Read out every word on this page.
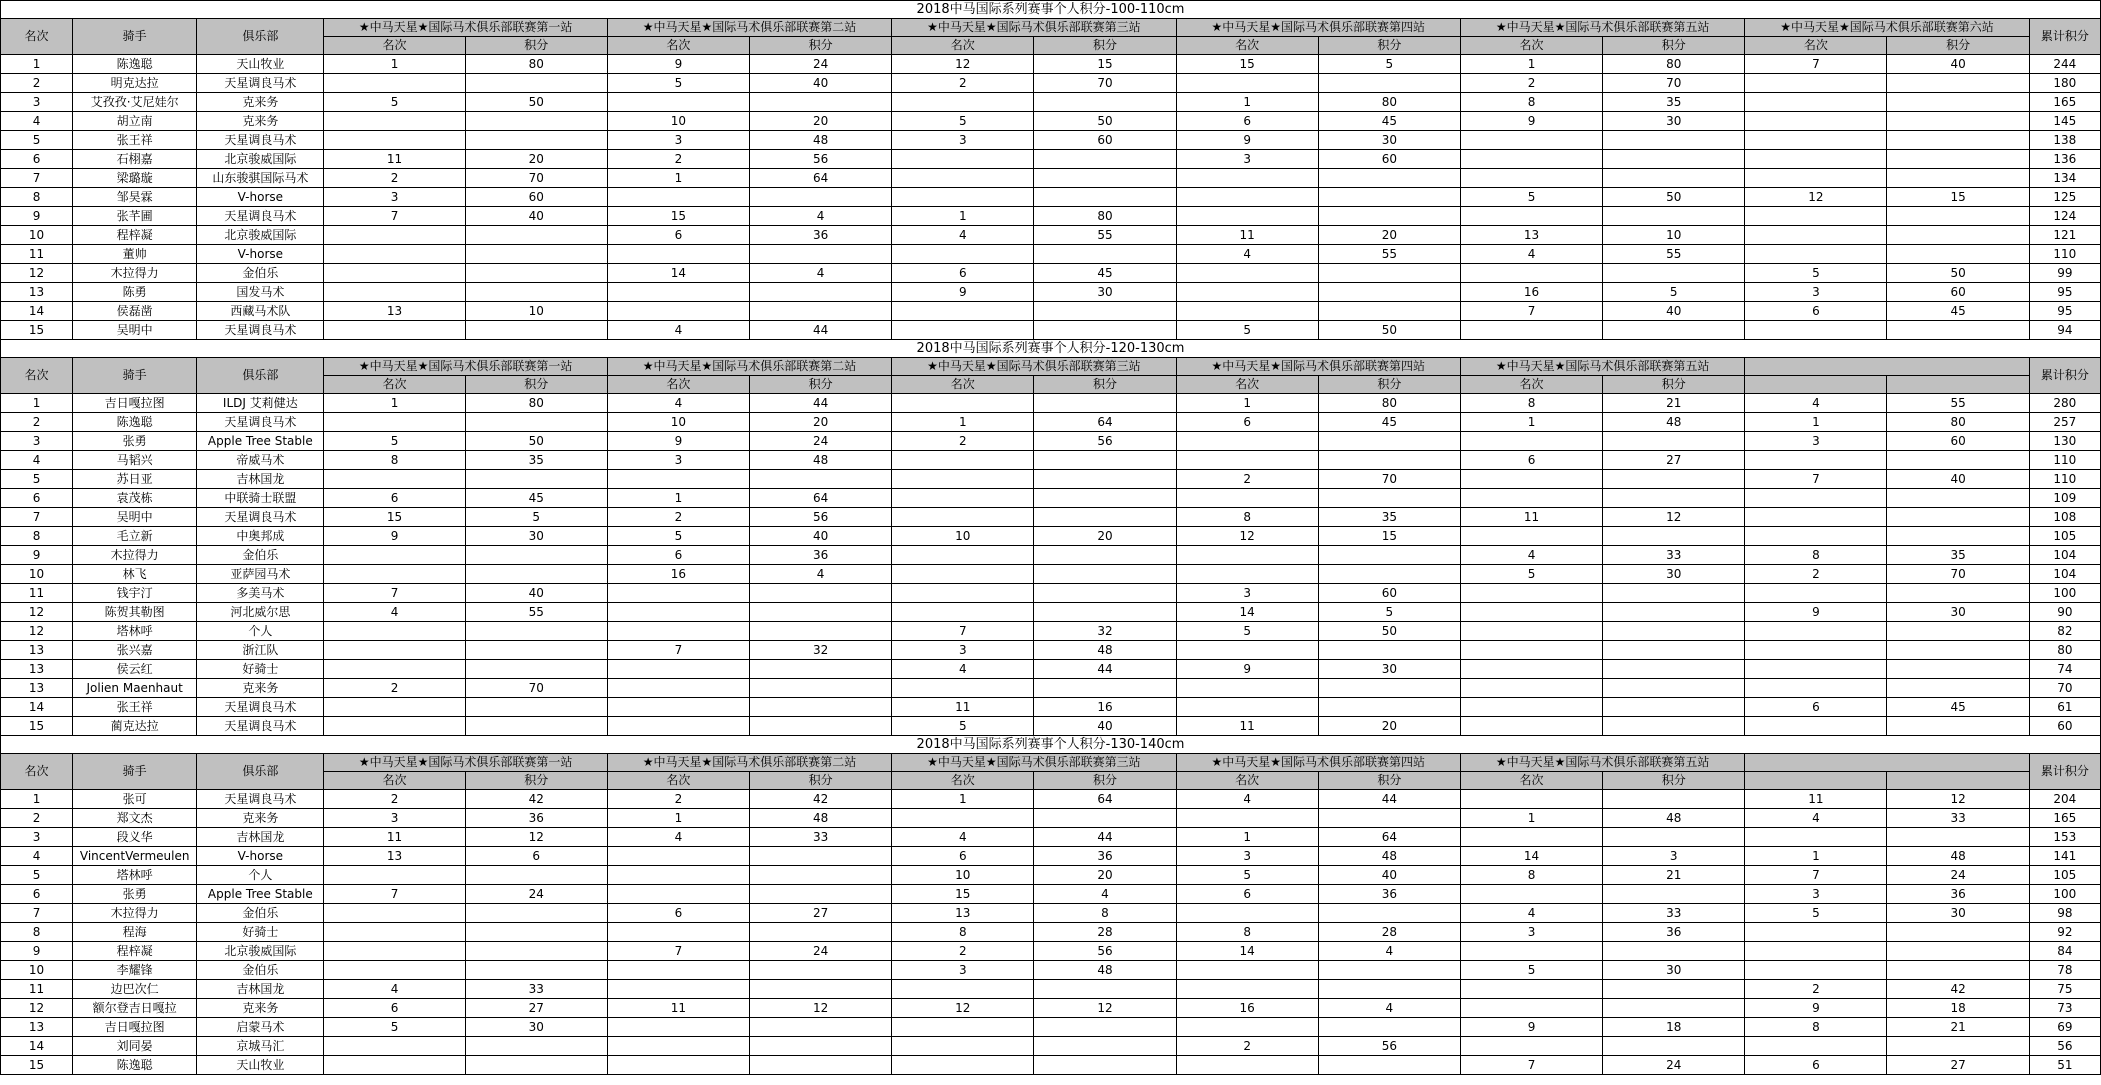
2018中马国际系列赛事个人积分-100-110cm															
名次	骑手	俱乐部	★中马天星★国际马术俱乐部联赛第一站		★中马天星★国际马术俱乐部联赛第二站		★中马天星★国际马术俱乐部联赛第三站		★中马天星★国际马术俱乐部联赛第四站		★中马天星★国际马术俱乐部联赛第五站		★中马天星★国际马术俱乐部联赛第六站		累计积分
			名次	积分	名次	积分	名次	积分	名次	积分	名次	积分	名次	积分	
1	陈逸聪	天山牧业	1	80	9	24	12	15	15	5	1	80	7	40	244
2	明克达拉	天星调良马术			5	40	2	70			2	70			180
3	艾孜孜·艾尼娃尔	克来务	5	50					1	80	8	35			165
4	胡立南	克来务			10	20	5	50	6	45	9	30			145
5	张王祥	天星调良马术			3	48	3	60	9	30					138
6	石栩嘉	北京骏威国际	11	20	2	56			3	60					136
7	梁璐璇	山东骏骐国际马术	2	70	1	64									134
8	邹昊霖	V-horse	3	60							5	50	12	15	125
9	张芊圃	天星调良马术	7	40	15	4	1	80							124
10	程梓凝	北京骏威国际			6	36	4	55	11	20	13	10			121
11	董帅	V-horse							4	55	4	55			110
12	木拉得力	金伯乐			14	4	6	45					5	50	99
13	陈勇	国发马术					9	30			16	5	3	60	95
14	侯磊凿	西藏马术队	13	10							7	40	6	45	95
15	吴明中	天星调良马术			4	44			5	50					94
2018中马国际系列赛事个人积分-120-130cm															
名次	骑手	俱乐部	★中马天星★国际马术俱乐部联赛第一站		★中马天星★国际马术俱乐部联赛第二站		★中马天星★国际马术俱乐部联赛第三站		★中马天星★国际马术俱乐部联赛第四站		★中马天星★国际马术俱乐部联赛第五站				累计积分
			名次	积分	名次	积分	名次	积分	名次	积分	名次	积分			
1	吉日嘎拉图	ILDJ 艾莉健达	1	80	4	44			1	80	8	21	4	55	280
2	陈逸聪	天星调良马术			10	20	1	64	6	45	1	48	1	80	257
3	张勇	Apple Tree Stable	5	50	9	24	2	56					3	60	130
4	马韬兴	帝威马术	8	35	3	48					6	27			110
5	苏日亚	吉林国龙							2	70			7	40	110
6	袁茂栋	中联骑士联盟	6	45	1	64									109
7	吴明中	天星调良马术	15	5	2	56			8	35	11	12			108
8	毛立新	中奥邦成	9	30	5	40	10	20	12	15					105
9	木拉得力	金伯乐			6	36					4	33	8	35	104
10	林飞	亚萨园马术			16	4					5	30	2	70	104
11	钱宇汀	多美马术	7	40					3	60					100
12	陈贺其勒图	河北威尔思	4	55					14	5			9	30	90
12	塔林呼	个人					7	32	5	50					82
13	张兴嘉	浙江队			7	32	3	48							80
13	侯云红	好骑士					4	44	9	30					74
13	Jolien Maenhaut	克来务	2	70											70
14	张王祥	天星调良马术					11	16					6	45	61
15	蔺克达拉	天星调良马术					5	40	11	20					60
2018中马国际系列赛事个人积分-130-140cm															
名次	骑手	俱乐部	★中马天星★国际马术俱乐部联赛第一站		★中马天星★国际马术俱乐部联赛第二站		★中马天星★国际马术俱乐部联赛第三站		★中马天星★国际马术俱乐部联赛第四站		★中马天星★国际马术俱乐部联赛第五站				累计积分
			名次	积分	名次	积分	名次	积分	名次	积分	名次	积分			
1	张可	天星调良马术	2	42	2	42	1	64	4	44			11	12	204
2	郑文杰	克来务	3	36	1	48					1	48	4	33	165
3	段义华	吉林国龙	11	12	4	33	4	44	1	64					153
4	VincentVermeulen	V-horse	13	6			6	36	3	48	14	3	1	48	141
5	塔林呼	个人					10	20	5	40	8	21	7	24	105
6	张勇	Apple Tree Stable	7	24			15	4	6	36			3	36	100
7	木拉得力	金伯乐			6	27	13	8			4	33	5	30	98
8	程海	好骑士					8	28	8	28	3	36			92
9	程梓凝	北京骏威国际			7	24	2	56	14	4					84
10	李耀锋	金伯乐					3	48			5	30			78
11	边巴次仁	吉林国龙	4	33									2	42	75
12	额尔登吉日嘎拉	克来务	6	27	11	12	12	12	16	4			9	18	73
13	吉日嘎拉图	启蒙马术	5	30							9	18	8	21	69
14	刘同晏	京城马汇							2	56					56
15	陈逸聪	天山牧业									7	24	6	27	51
